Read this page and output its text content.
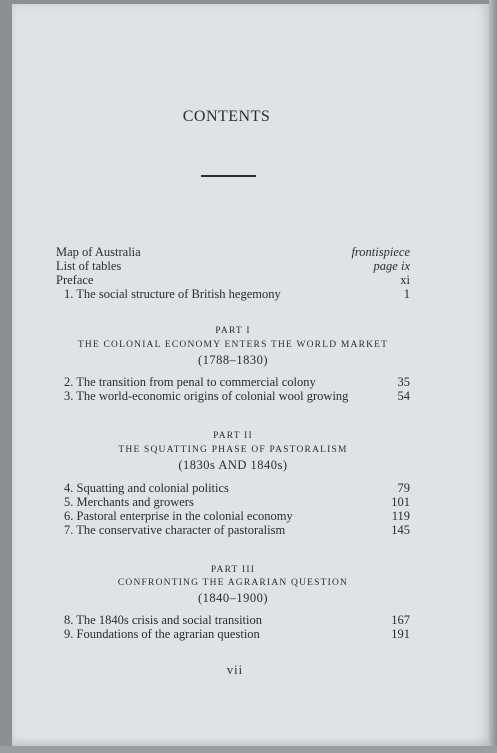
CONTENTS
Map of Australia	frontispiece
List of tables	page ix
Preface	xi
1. The social structure of British hegemony	1
PART I
THE COLONIAL ECONOMY ENTERS THE WORLD MARKET
(1788–1830)
2. The transition from penal to commercial colony	35
3. The world-economic origins of colonial wool growing	54
PART II
THE SQUATTING PHASE OF PASTORALISM
(1830s AND 1840s)
4. Squatting and colonial politics	79
5. Merchants and growers	101
6. Pastoral enterprise in the colonial economy	119
7. The conservative character of pastoralism	145
PART III
CONFRONTING THE AGRARIAN QUESTION
(1840–1900)
8. The 1840s crisis and social transition	167
9. Foundations of the agrarian question	191
vii
